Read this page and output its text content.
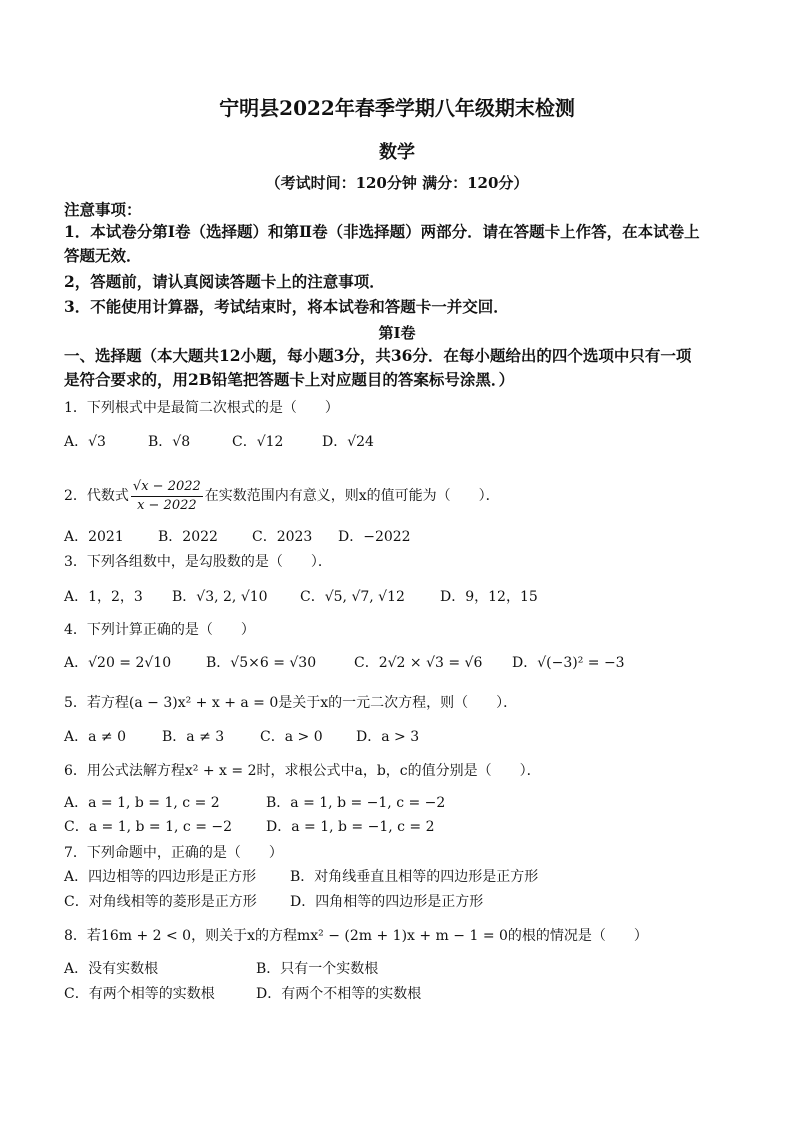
宁明县2022年春季学期八年级期末检测
数学
（考试时间：120分钟 满分：120分）
注意事项：
1．本试卷分第Ⅰ卷（选择题）和第Ⅱ卷（非选择题）两部分．请在答题卡上作答，在本试卷上
答题无效．
2，答题前，请认真阅读答题卡上的注意事项．
3．不能使用计算器，考试结束时，将本试卷和答题卡一并交回．
第Ⅰ卷
一、选择题（本大题共12小题，每小题3分，共36分．在每小题给出的四个选项中只有一项
是符合要求的，用2B铅笔把答题卡上对应题目的答案标号涂黑．）
1．下列根式中是最简二次根式的是（　　）
A．√3	B．√8	C．√12	D．√24
2．代数式 $\frac{√x - 2022}{x - 2022}$ 在实数范围内有意义，则x的值可能为（　　）．
A．2021 B．2022 C．2023 D．−2022
3．下列各组数中，是勾股数的是（　　）．
A．1，2，3 B．√3, 2, √10 C．√5, √7, √12	D．9，12，15
4．下列计算正确的是（　　）
A．√20 = 2√10 B．√5×6 = √30	C．2√2 × √3 = √6 D．√(−3)² = −3
5．若方程(a − 3)x² + x + a = 0是关于x的一元二次方程，则（　　）．
A．a ≠ 0	B．a ≠ 3	C．a > 0 D．a > 3
6．用公式法解方程x² + x = 2时，求根公式中a，b，c的值分别是（　　）．
A．a = 1, b = 1, c = 2	B．a = 1, b = −1, c = −2
C．a = 1, b = 1, c = −2 D．a = 1, b = −1, c = 2
7．下列命题中，正确的是（　　）
A．四边相等的四边形是正方形 B．对角线垂直且相等的四边形是正方形
C．对角线相等的菱形是正方形 D．四角相等的四边形是正方形
8．若16m + 2 < 0，则关于x的方程mx² − (2m + 1)x + m − 1 = 0的根的情况是（　　）
A．没有实数根	B．只有一个实数根
C．有两个相等的实数根	D．有两个不相等的实数根
